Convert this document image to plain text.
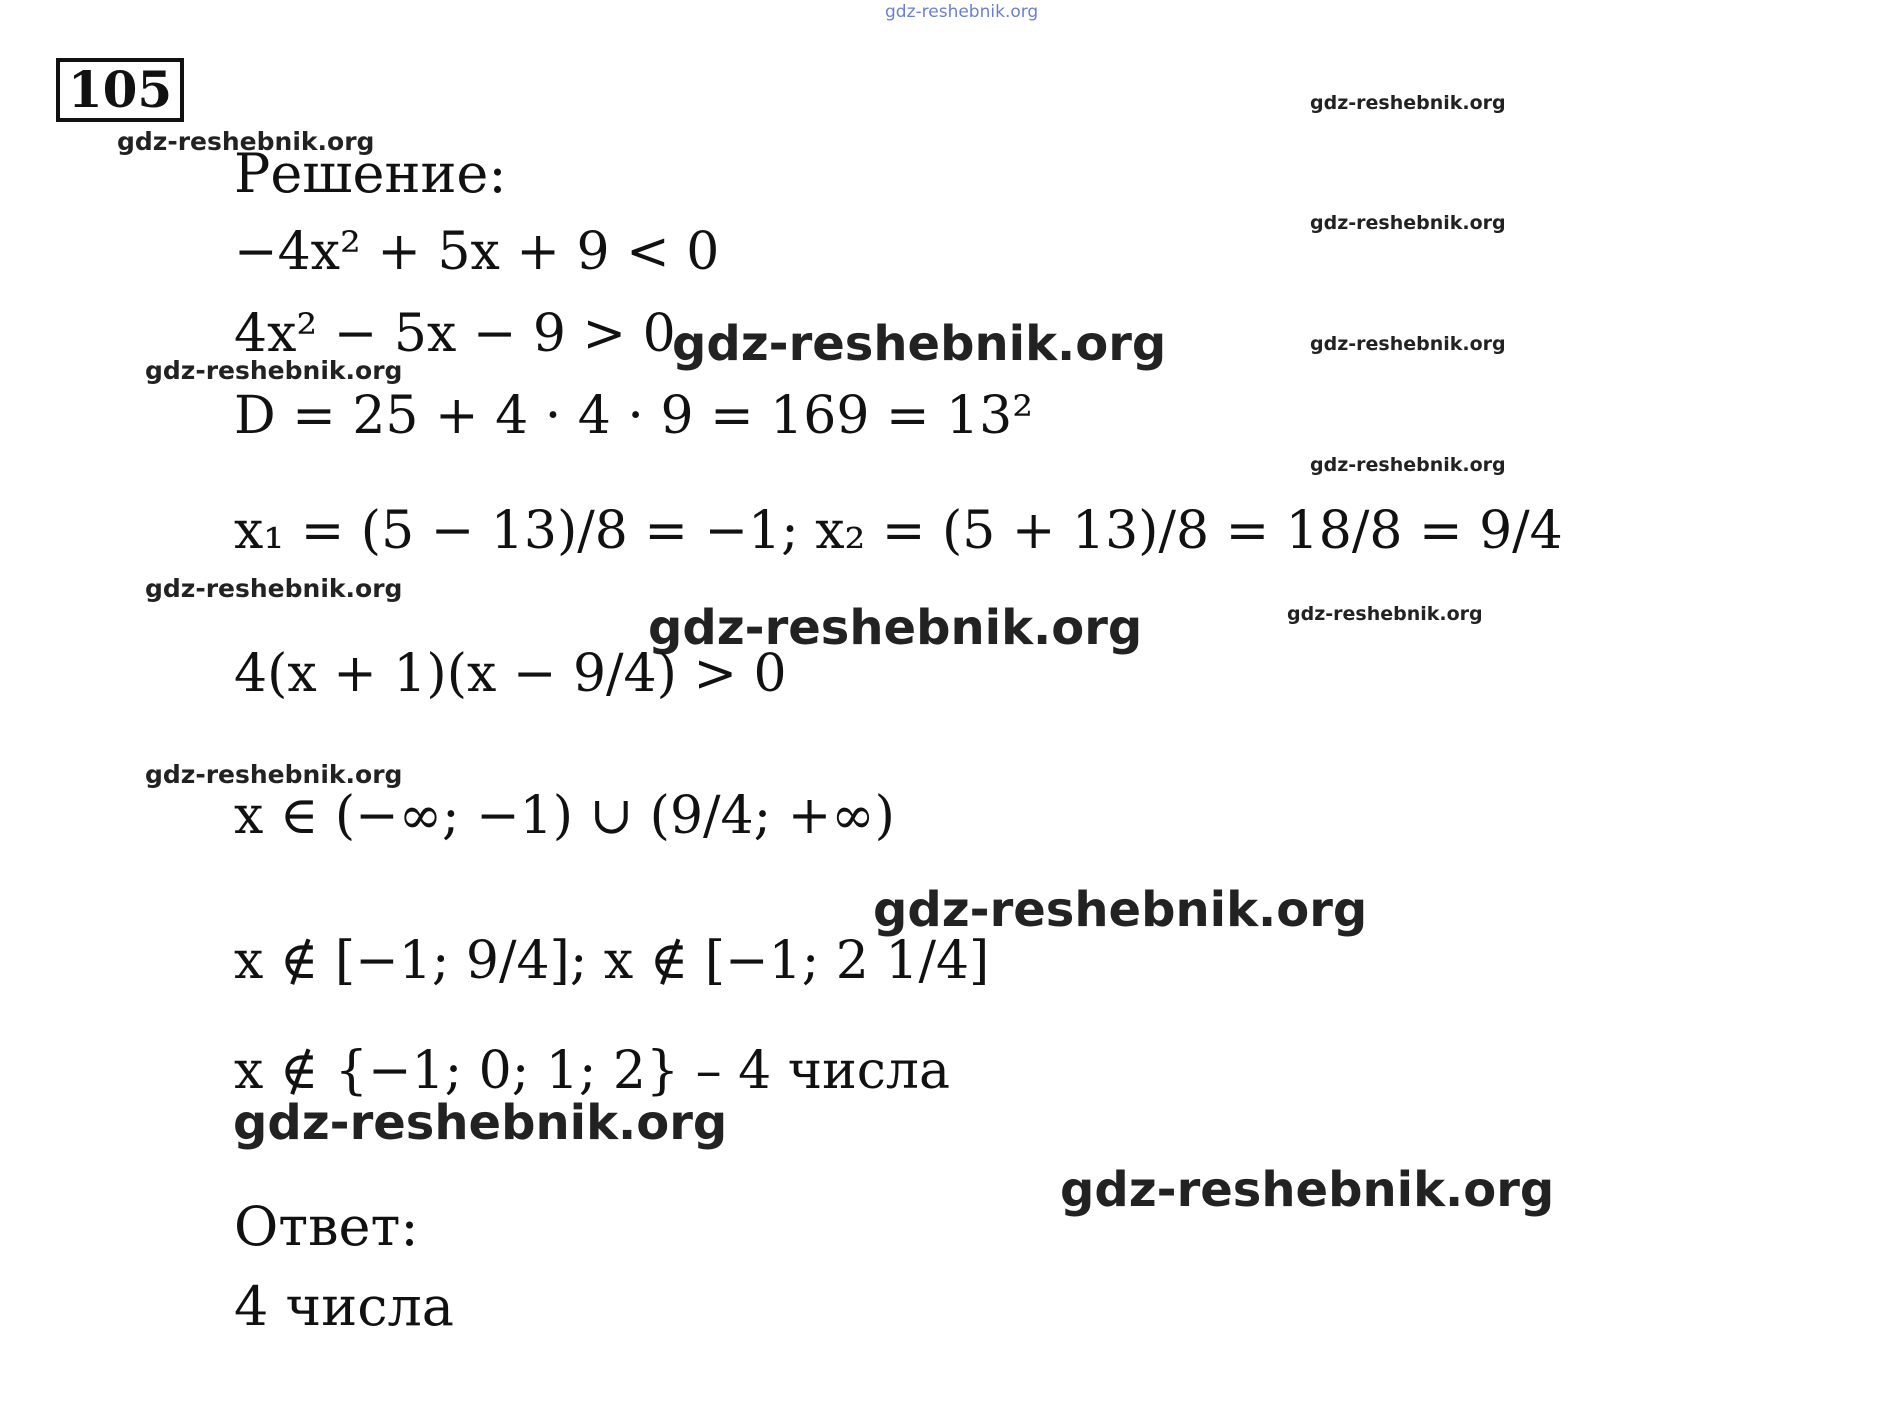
gdz-reshebnik.org
105
gdz-reshebnik.org
gdz-reshebnik.org
gdz-reshebnik.org
gdz-reshebnik.org
gdz-reshebnik.org
gdz-reshebnik.org
gdz-reshebnik.org
gdz-reshebnik.org
gdz-reshebnik.org
gdz-reshebnik.org
gdz-reshebnik.org
gdz-reshebnik.org
gdz-reshebnik.org
gdz-reshebnik.org
Решение:
−4x² + 5x + 9 < 0
4x² − 5x − 9 > 0
D = 25 + 4 · 4 · 9 = 169 = 13²
x₁ = (5 − 13)/8 = −1; x₂ = (5 + 13)/8 = 18/8 = 9/4
4(x + 1)(x − 9/4) > 0
x ∈ (−∞; −1) ∪ (9/4; +∞)
x ∉ [−1; 9/4]; x ∉ [−1; 2 1/4]
x ∉ {−1; 0; 1; 2} – 4 числа
Ответ:
4 числа
